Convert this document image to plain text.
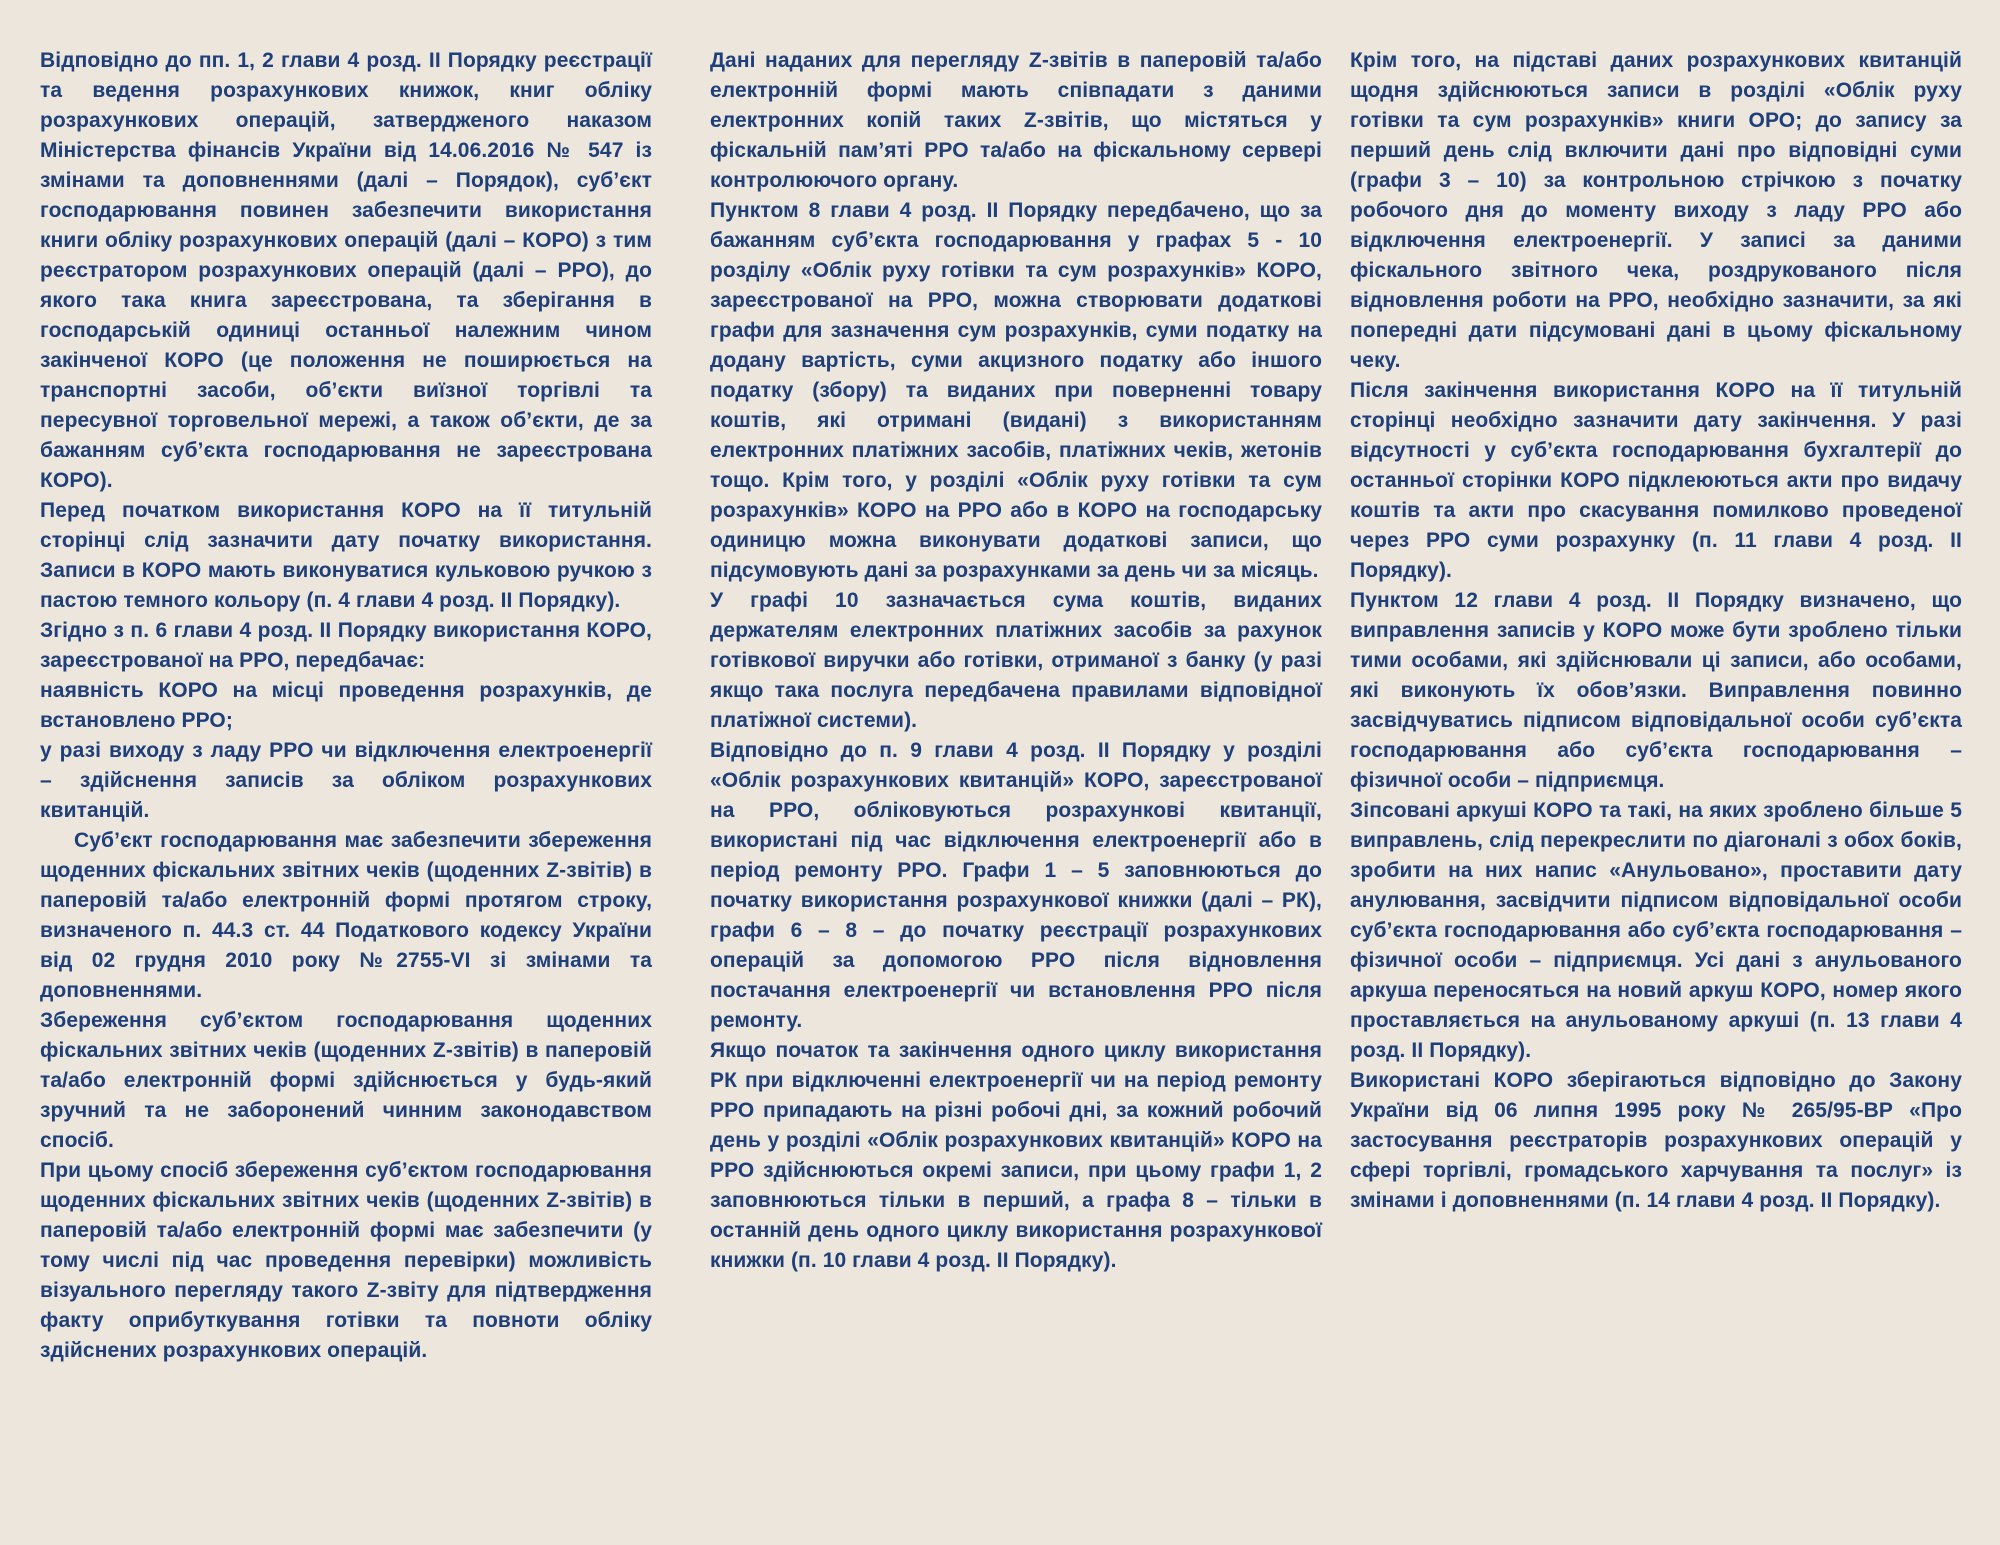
Відповідно до пп. 1, 2 глави 4 розд. II Порядку реєстрації та ведення розрахункових книжок, книг обліку розрахункових операцій, затвердженого наказом Міністерства фінансів України від 14.06.2016 № 547 із змінами та доповненнями (далі – Порядок), суб’єкт господарювання повинен забезпечити використання книги обліку розрахункових операцій (далі – КОРО) з тим реєстратором розрахункових операцій (далі – РРО), до якого така книга зареєстрована, та зберігання в господарській одиниці останньої належним чином закінченої КОРО (це положення не поширюється на транспортні засоби, об’єкти виїзної торгівлі та пересувної торговельної мережі, а також об’єкти, де за бажанням суб’єкта господарювання не зареєстрована КОРО).

Перед початком використання КОРО на її титульній сторінці слід зазначити дату початку використання. Записи в КОРО мають виконуватися кульковою ручкою з пастою темного кольору (п. 4 глави 4 розд. II Порядку).

Згідно з п. 6 глави 4 розд. II Порядку використання КОРО, зареєстрованої на РРО, передбачає:

наявність КОРО на місці проведення розрахунків, де встановлено РРО;

у разі виходу з ладу РРО чи відключення електроенергії – здійснення записів за обліком розрахункових квитанцій.

Суб’єкт господарювання має забезпечити збереження щоденних фіскальних звітних чеків (щоденних Z-звітів) в паперовій та/або електронній формі протягом строку, визначеного п. 44.3 ст. 44 Податкового кодексу України від 02 грудня 2010 року №2755-VI зі змінами та доповненнями.

Збереження суб’єктом господарювання щоденних фіскальних звітних чеків (щоденних Z-звітів) в паперовій та/або електронній формі здійснюється у будь-який зручний та не заборонений чинним законодавством спосіб.

При цьому спосіб збереження суб’єктом господарювання щоденних фіскальних звітних чеків (щоденних Z-звітів) в паперовій та/або електронній формі має забезпечити (у тому числі під час проведення перевірки) можливість візуального перегляду такого Z-звіту для підтвердження факту оприбуткування готівки та повноти обліку здійснених розрахункових операцій.

Дані наданих для перегляду Z-звітів в паперовій та/або електронній формі мають співпадати з даними електронних копій таких Z-звітів, що містяться у фіскальній пам’яті РРО та/або на фіскальному сервері контролюючого органу.

Пунктом 8 глави 4 розд. II Порядку передбачено, що за бажанням суб’єкта господарювання у графах 5 - 10 розділу «Облік руху готівки та сум розрахунків» КОРО, зареєстрованої на РРО, можна створювати додаткові графи для зазначення сум розрахунків, суми податку на додану вартість, суми акцизного податку або іншого податку (збору) та виданих при поверненні товару коштів, які отримані (видані) з використанням електронних платіжних засобів, платіжних чеків, жетонів тощо. Крім того, у розділі «Облік руху готівки та сум розрахунків» КОРО на РРО або в КОРО на господарську одиницю можна виконувати додаткові записи, що підсумовують дані за розрахунками за день чи за місяць.

У графі 10 зазначається сума коштів, виданих держателям електронних платіжних засобів за рахунок готівкової виручки або готівки, отриманої з банку (у разі якщо така послуга передбачена правилами відповідної платіжної системи).

Відповідно до п. 9 глави 4 розд. II Порядку у розділі «Облік розрахункових квитанцій» КОРО, зареєстрованої на РРО, обліковуються розрахункові квитанції, використані під час відключення електроенергії або в період ремонту РРО. Графи 1 – 5 заповнюються до початку використання розрахункової книжки (далі – РК), графи 6 – 8 – до початку реєстрації розрахункових операцій за допомогою РРО після відновлення постачання електроенергії чи встановлення РРО після ремонту.

Якщо початок та закінчення одного циклу використання РК при відключенні електроенергії чи на період ремонту РРО припадають на різні робочі дні, за кожний робочий день у розділі «Облік розрахункових квитанцій» КОРО на РРО здійснюються окремі записи, при цьому графи 1, 2 заповнюються тільки в перший, а графа 8 – тільки в останній день одного циклу використання розрахункової книжки (п. 10 глави 4 розд. II Порядку).

Крім того, на підставі даних розрахункових квитанцій щодня здійснюються записи в розділі «Облік руху готівки та сум розрахунків» книги ОРО; до запису за перший день слід включити дані про відповідні суми (графи 3 – 10) за контрольною стрічкою з початку робочого дня до моменту виходу з ладу РРО або відключення електроенергії. У записі за даними фіскального звітного чека, роздрукованого після відновлення роботи на РРО, необхідно зазначити, за які попередні дати підсумовані дані в цьому фіскальному чеку.

Після закінчення використання КОРО на її титульній сторінці необхідно зазначити дату закінчення. У разі відсутності у суб’єкта господарювання бухгалтерії до останньої сторінки КОРО підклеюються акти про видачу коштів та акти про скасування помилково проведеної через РРО суми розрахунку (п. 11 глави 4 розд. II Порядку).

Пунктом 12 глави 4 розд. II Порядку визначено, що виправлення записів у КОРО може бути зроблено тільки тими особами, які здійснювали ці записи, або особами, які виконують їх обов’язки. Виправлення повинно засвідчуватись підписом відповідальної особи суб’єкта господарювання або суб’єкта господарювання – фізичної особи – підприємця.

Зіпсовані аркуші КОРО та такі, на яких зроблено більше 5 виправлень, слід перекреслити по діагоналі з обох боків, зробити на них напис «Анульовано», проставити дату анулювання, засвідчити підписом відповідальної особи суб’єкта господарювання або суб’єкта господарювання – фізичної особи – підприємця. Усі дані з анульованого аркуша переносяться на новий аркуш КОРО, номер якого проставляється на анульованому аркуші (п. 13 глави 4 розд. II Порядку).

Використані КОРО зберігаються відповідно до Закону України від 06 липня 1995 року № 265/95-ВР «Про застосування реєстраторів розрахункових операцій у сфері торгівлі, громадського харчування та послуг» із змінами і доповненнями (п. 14 глави 4 розд. II Порядку).
